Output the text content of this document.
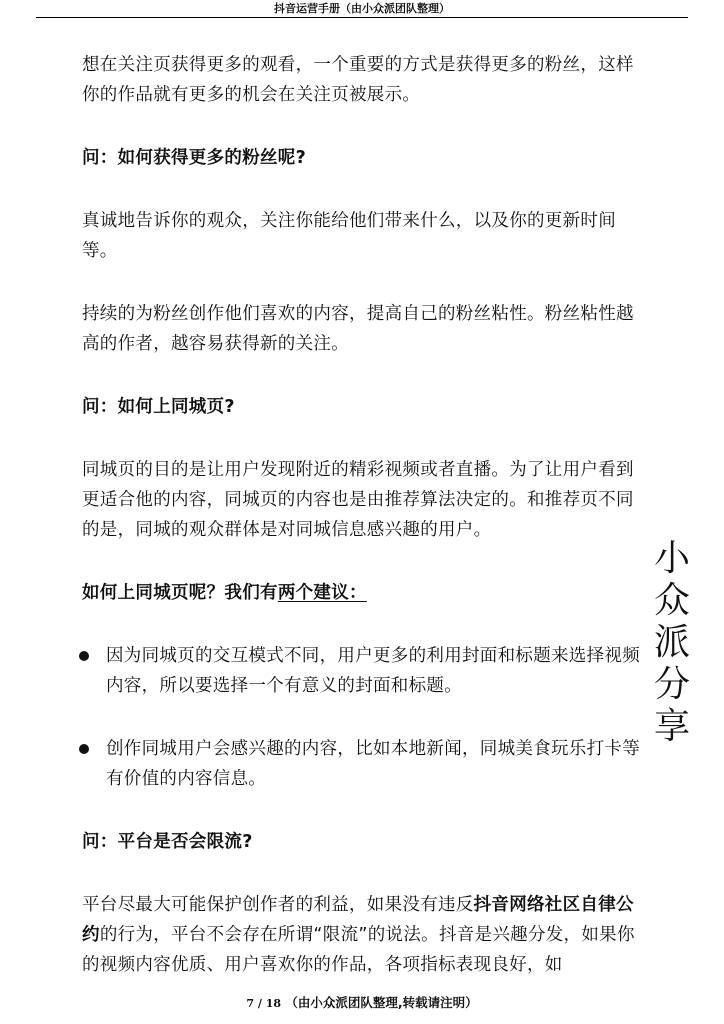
抖音运营手册（由小众派团队整理）

想在关注页获得更多的观看，一个重要的方式是获得更多的粉丝，这样你的作品就有更多的机会在关注页被展示。

问：如何获得更多的粉丝呢?

真诚地告诉你的观众，关注你能给他们带来什么，以及你的更新时间等。

持续的为粉丝创作他们喜欢的内容，提高自己的粉丝粘性。粉丝粘性越高的作者，越容易获得新的关注。

问：如何上同城页?

同城页的目的是让用户发现附近的精彩视频或者直播。为了让用户看到更适合他的内容，同城页的内容也是由推荐算法决定的。和推荐页不同的是，同城的观众群体是对同城信息感兴趣的用户。

如何上同城页呢？我们有两个建议：

因为同城页的交互模式不同，用户更多的利用封面和标题来选择视频内容，所以要选择一个有意义的封面和标题。
创作同城用户会感兴趣的内容，比如本地新闻，同城美食玩乐打卡等有价值的内容信息。

问：平台是否会限流?

平台尽最大可能保护创作者的利益，如果没有违反抖音网络社区自律公约的行为，平台不会存在所谓“限流”的说法。抖音是兴趣分发，如果你的视频内容优质、用户喜欢你的作品，各项指标表现良好，如

小
众
派
分
享
7 / 18 （由小众派团队整理,转载请注明）
